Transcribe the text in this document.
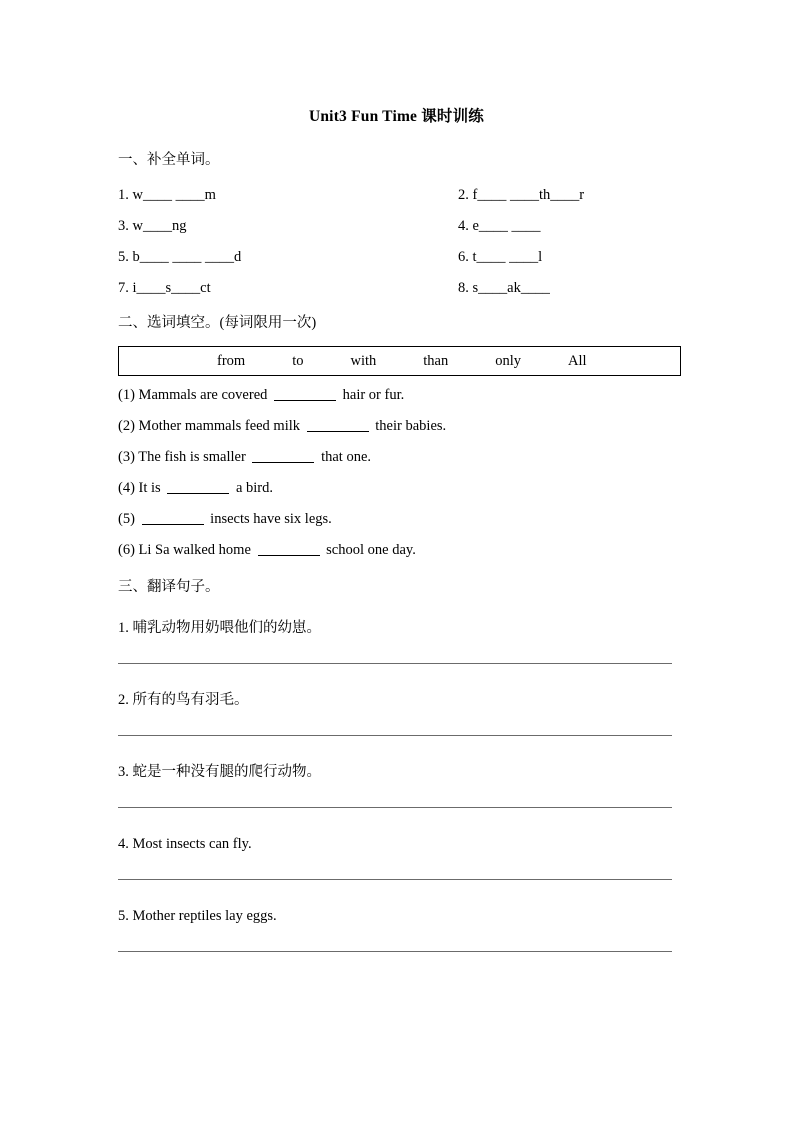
Unit3 Fun Time 课时训练
一、补全单词。
1. w____ ____m	2. f____ ____th____r
3. w____ng	4. e____ ____
5. b____ ____ ____d	6. t____ ____l
7. i____s____ct	8. s____ak____
二、选词填空。(每词限用一次)
from	to	with	than	only	All
(1) Mammals are covered	hair or fur.
(2) Mother mammals feed milk	their babies.
(3) The fish is smaller	that one.
(4) It is	a bird.
(5)	insects have six legs.
(6) Li Sa walked home	school one day.
三、翻译句子。
1. 哺乳动物用奶喂他们的幼崽。
2. 所有的鸟有羽毛。
3. 蛇是一种没有腿的爬行动物。
4. Most insects can fly.
5. Mother reptiles lay eggs.
